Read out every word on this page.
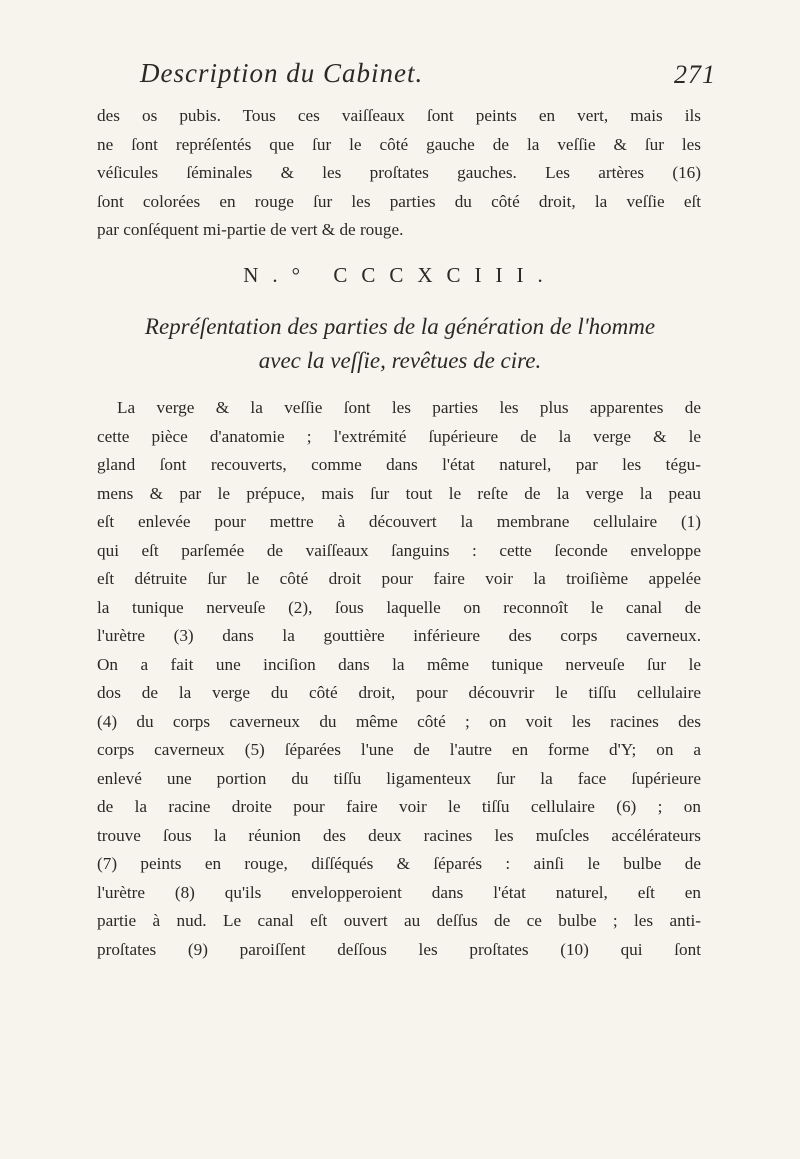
Description du Cabinet.	271
des os pubis. Tous ces vaiſſeaux ſont peints en vert, mais ils
ne ſont repréſentés que ſur le côté gauche de la veſſie & ſur les
véſicules ſéminales & les proſtates gauches. Les artères (16)
ſont colorées en rouge ſur les parties du côté droit, la veſſie eſt
par conſéquent mi-partie de vert & de rouge.
N.° CCCXCIII.
Repréſentation des parties de la génération de l'homme
avec la veſſie, revêtues de cire.
La verge & la veſſie ſont les parties les plus apparentes de
cette pièce d'anatomie ; l'extrémité ſupérieure de la verge & le
gland ſont recouverts, comme dans l'état naturel, par les tégu-
mens & par le prépuce, mais ſur tout le reſte de la verge la peau
eſt enlevée pour mettre à découvert la membrane cellulaire (1)
qui eſt parſemée de vaiſſeaux ſanguins : cette ſeconde enveloppe
eſt détruite ſur le côté droit pour faire voir la troiſième appelée
la tunique nerveuſe (2), ſous laquelle on reconnoît le canal de
l'urètre (3) dans la gouttière inférieure des corps caverneux.
On a fait une inciſion dans la même tunique nerveuſe ſur le
dos de la verge du côté droit, pour découvrir le tiſſu cellulaire
(4) du corps caverneux du même côté ; on voit les racines des
corps caverneux (5) ſéparées l'une de l'autre en forme d'Y; on a
enlevé une portion du tiſſu ligamenteux ſur la face ſupérieure
de la racine droite pour faire voir le tiſſu cellulaire (6) ; on
trouve ſous la réunion des deux racines les muſcles accélérateurs
(7) peints en rouge, diſſéqués & ſéparés : ainſi le bulbe de
l'urètre (8) qu'ils envelopperoient dans l'état naturel, eſt en
partie à nud. Le canal eſt ouvert au deſſus de ce bulbe ; les anti-
proſtates (9) paroiſſent deſſous les proſtates (10) qui ſont
